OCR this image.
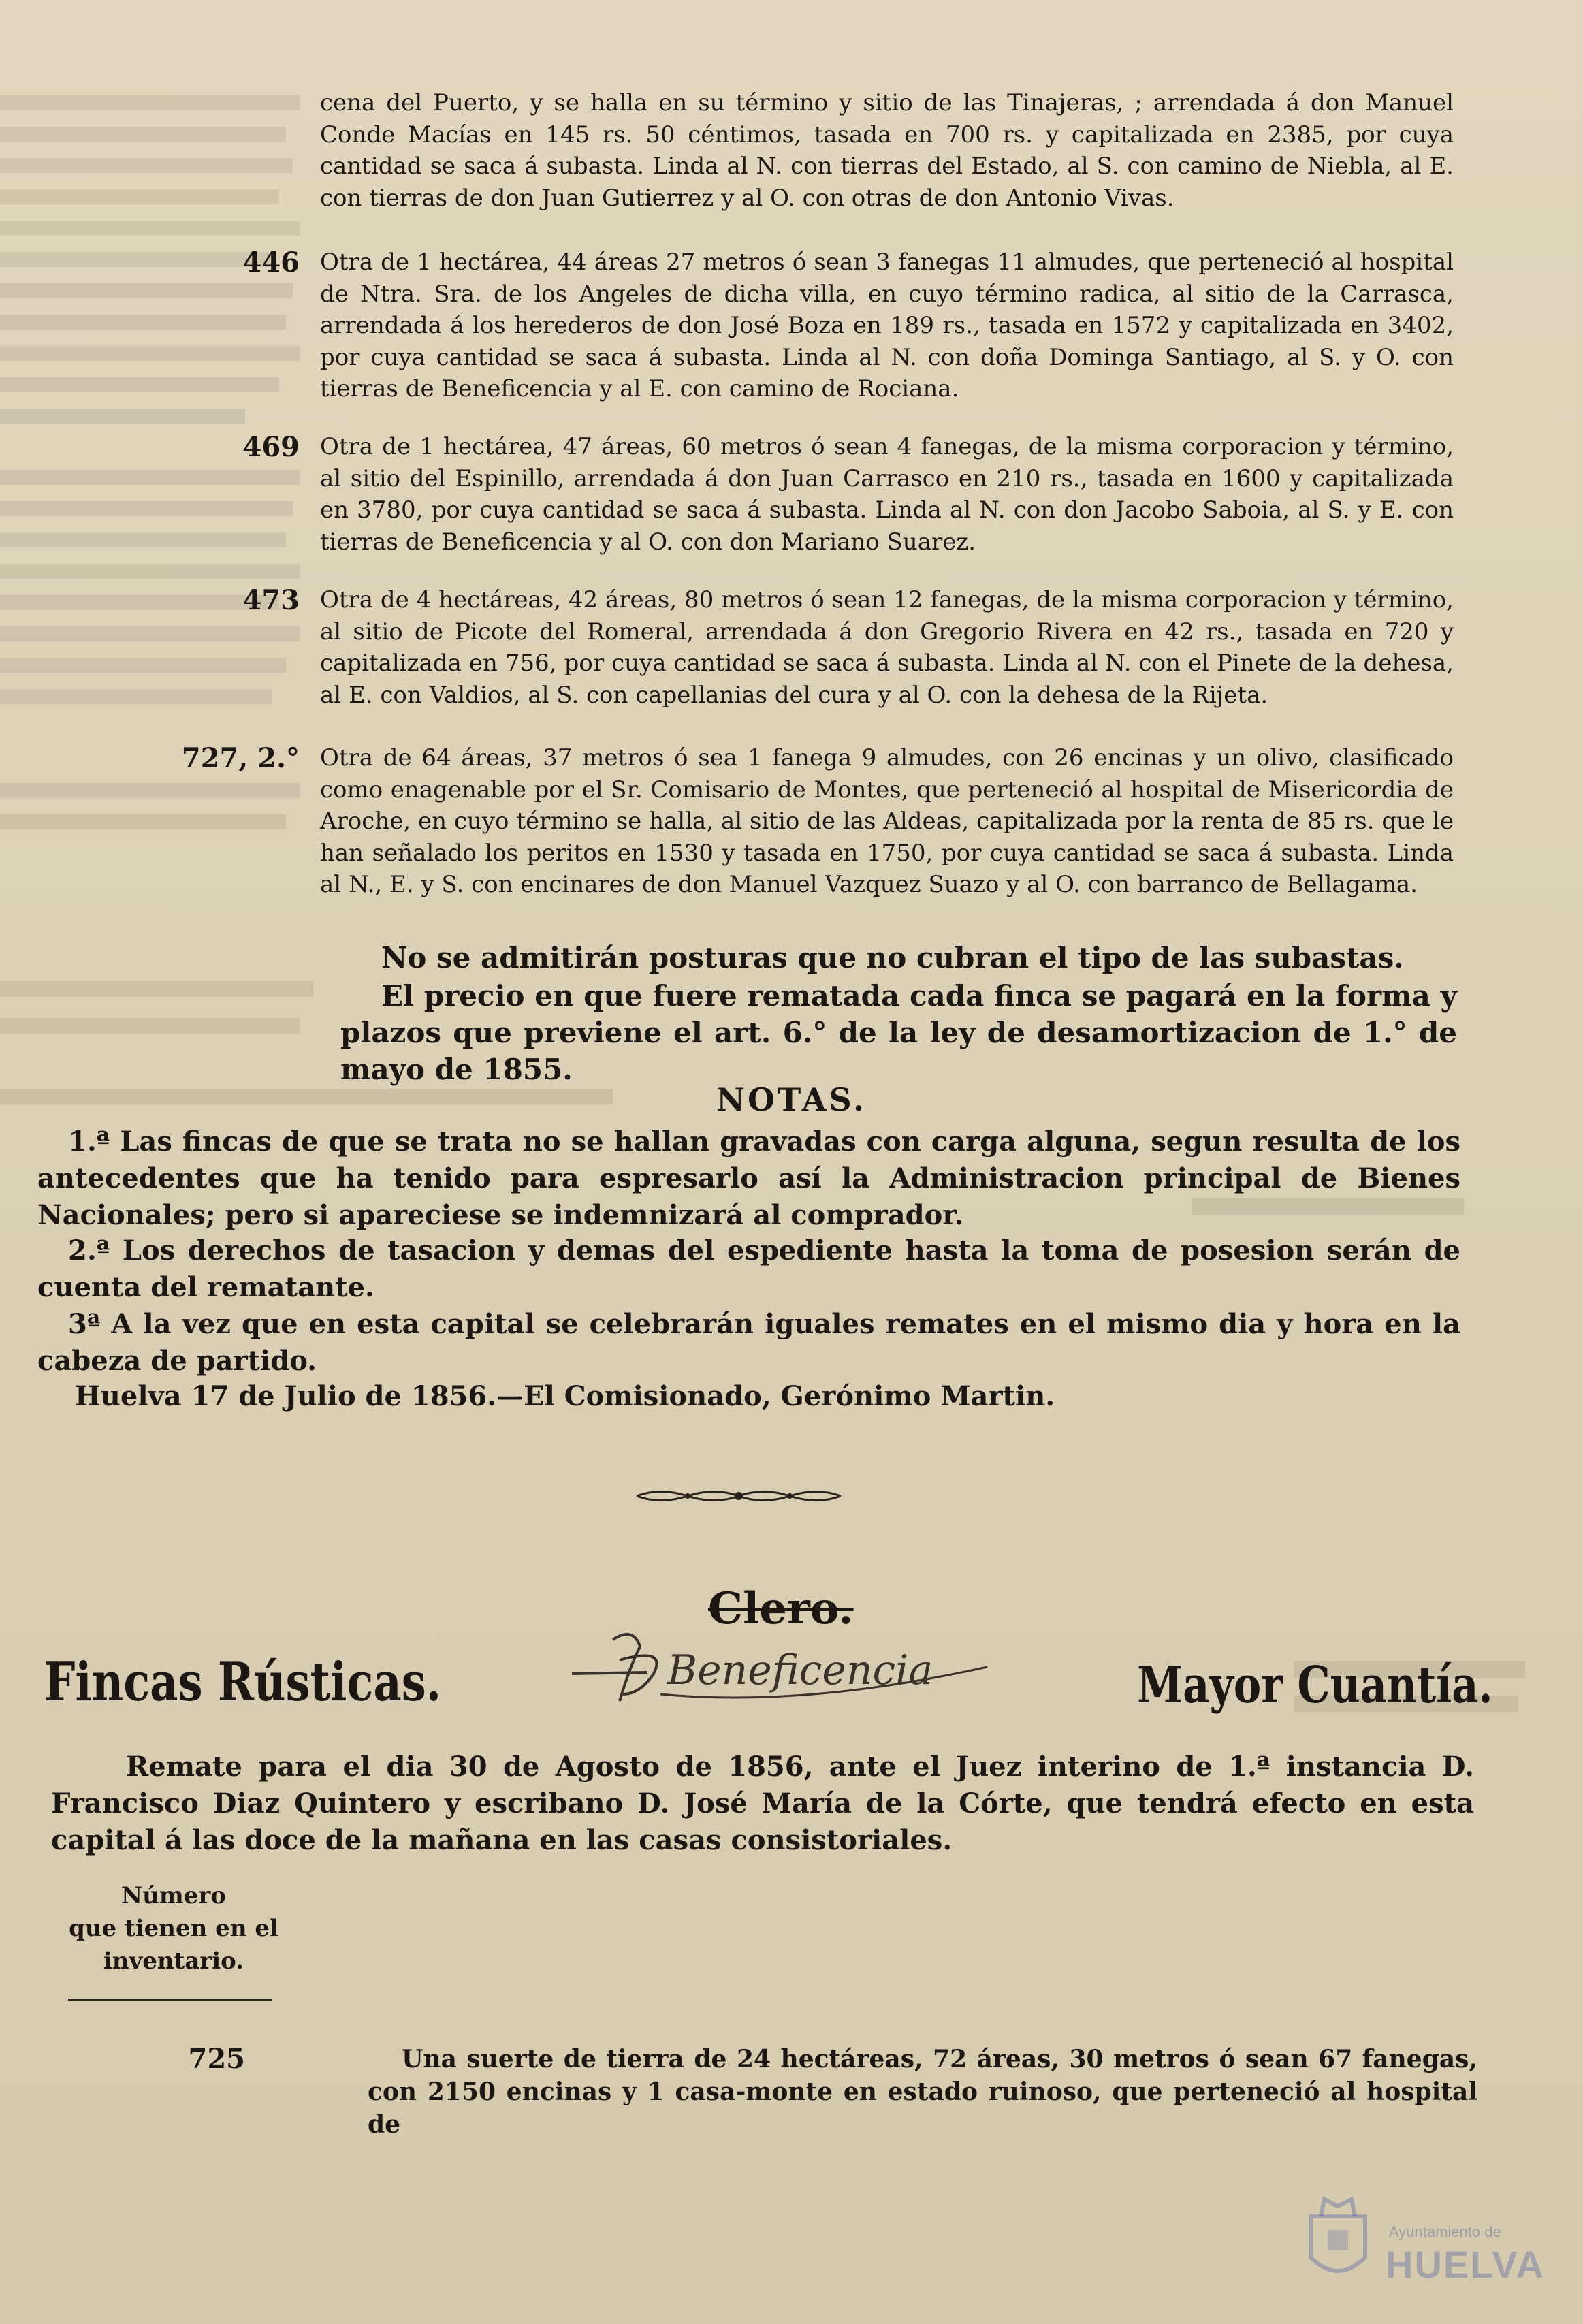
cena del Puerto, y se halla en su término y sitio de las Tinajeras, ; arrendada á don Manuel Conde Macías en 145 rs. 50 céntimos, tasada en 700 rs. y capitalizada en 2385, por cuya cantidad se saca á subasta. Linda al N. con tierras del Estado, al S. con camino de Niebla, al E. con tierras de don Juan Gutierrez y al O. con otras de don Antonio Vivas.
446 Otra de 1 hectárea, 44 áreas 27 metros ó sean 3 fanegas 11 almudes, que perteneció al hospital de Ntra. Sra. de los Angeles de dicha villa, en cuyo término radica, al sitio de la Carrasca, arrendada á los herederos de don José Boza en 189 rs., tasada en 1572 y capitalizada en 3402, por cuya cantidad se saca á subasta. Linda al N. con doña Dominga Santiago, al S. y O. con tierras de Beneficencia y al E. con camino de Rociana.
469 Otra de 1 hectárea, 47 áreas, 60 metros ó sean 4 fanegas, de la misma corporacion y término, al sitio del Espinillo, arrendada á don Juan Carrasco en 210 rs., tasada en 1600 y capitalizada en 3780, por cuya cantidad se saca á subasta. Linda al N. con don Jacobo Saboia, al S. y E. con tierras de Beneficencia y al O. con don Mariano Suarez.
473 Otra de 4 hectáreas, 42 áreas, 80 metros ó sean 12 fanegas, de la misma corporacion y término, al sitio de Picote del Romeral, arrendada á don Gregorio Rivera en 42 rs., tasada en 720 y capitalizada en 756, por cuya cantidad se saca á subasta. Linda al N. con el Pinete de la dehesa, al E. con Valdios, al S. con capellanias del cura y al O. con la dehesa de la Rijeta.
727, 2.° Otra de 64 áreas, 37 metros ó sea 1 fanega 9 almudes, con 26 encinas y un olivo, clasificado como enagenable por el Sr. Comisario de Montes, que perteneció al hospital de Misericordia de Aroche, en cuyo término se halla, al sitio de las Aldeas, capitalizada por la renta de 85 rs. que le han señalado los peritos en 1530 y tasada en 1750, por cuya cantidad se saca á subasta. Linda al N., E. y S. con encinares de don Manuel Vazquez Suazo y al O. con barranco de Bellagama.
No se admitirán posturas que no cubran el tipo de las subastas.
El precio en que fuere rematada cada finca se pagará en la forma y plazos que previene el art. 6.° de la ley de desamortizacion de 1.° de mayo de 1855.
NOTAS.
1.ª Las fincas de que se trata no se hallan gravadas con carga alguna, segun resulta de los antecedentes que ha tenido para espresarlo así la Administracion principal de Bienes Nacionales; pero si apareciese se indemnizará al comprador.
2.ª Los derechos de tasacion y demas del espediente hasta la toma de posesion serán de cuenta del rematante.
3ª A la vez que en esta capital se celebrarán iguales remates en el mismo dia y hora en la cabeza de partido.
Huelva 17 de Julio de 1856.—El Comisionado, Gerónimo Martin.
Clero.
Beneficencia
Fincas Rústicas.	Mayor Cuantía.
Remate para el dia 30 de Agosto de 1856, ante el Juez interino de 1.ª instancia D. Francisco Diaz Quintero y escribano D. José María de la Córte, que tendrá efecto en esta capital á las doce de la mañana en las casas consistoriales.
Número
que tienen en el
inventario.
725	Una suerte de tierra de 24 hectáreas, 72 áreas, 30 metros ó sean 67 fanegas, con 2150 encinas y 1 casa-monte en estado ruinoso, que perteneció al hospital de
Ayuntamiento de
HUELVA
